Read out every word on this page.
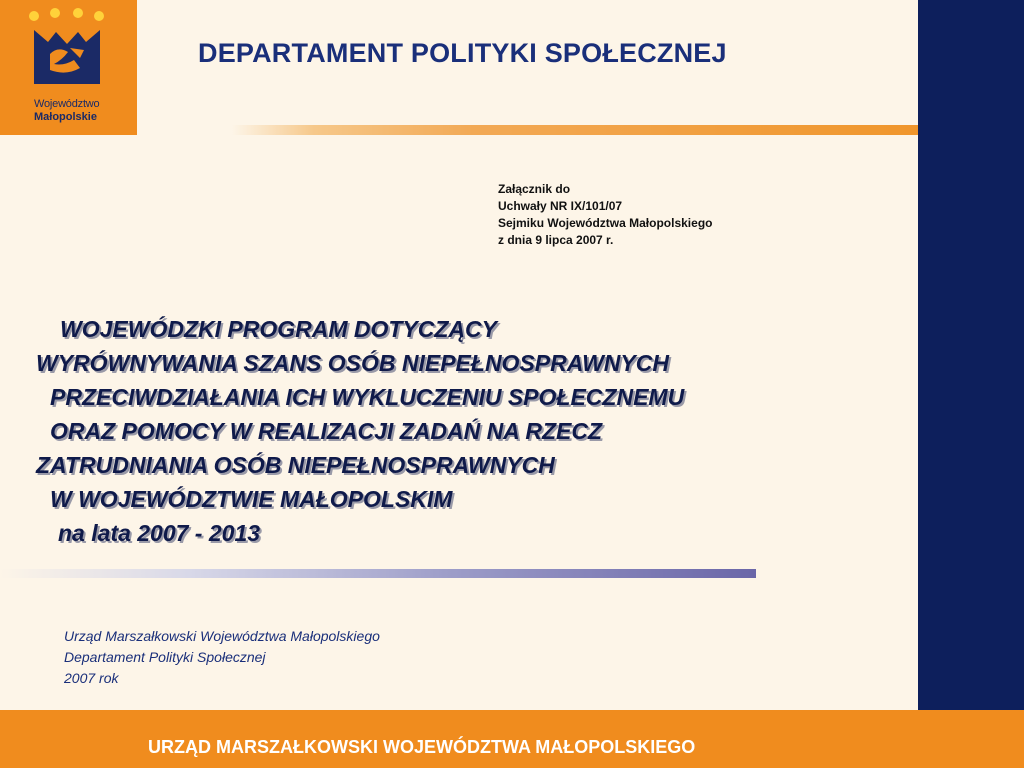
Województwo
Małopolskie
DEPARTAMENT POLITYKI SPOŁECZNEJ
Załącznik do
Uchwały NR IX/101/07
Sejmiku Województwa Małopolskiego
z dnia 9 lipca 2007 r.
WOJEWÓDZKI PROGRAM DOTYCZĄCY
WYRÓWNYWANIA SZANS OSÓB NIEPEŁNOSPRAWNYCH
PRZECIWDZIAŁANIA ICH WYKLUCZENIU SPOŁECZNEMU
ORAZ POMOCY W REALIZACJI ZADAŃ NA RZECZ
ZATRUDNIANIA OSÓB NIEPEŁNOSPRAWNYCH
W WOJEWÓDZTWIE MAŁOPOLSKIM
na lata 2007 - 2013
Urząd Marszałkowski Województwa Małopolskiego
Departament Polityki Społecznej
2007 rok
URZĄD MARSZAŁKOWSKI WOJEWÓDZTWA MAŁOPOLSKIEGO
